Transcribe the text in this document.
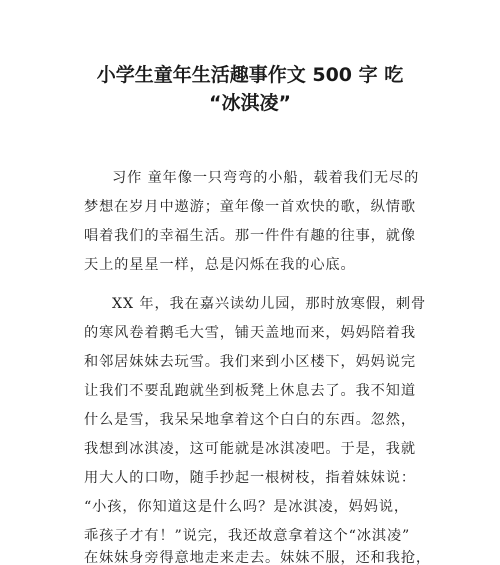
小学生童年生活趣事作文 500 字 吃
“冰淇凌”
习作 童年像一只弯弯的小船，载着我们无尽的
梦想在岁月中遨游；童年像一首欢快的歌，纵情歌
唱着我们的幸福生活。那一件件有趣的往事，就像
天上的星星一样，总是闪烁在我的心底。
XX 年，我在嘉兴读幼儿园，那时放寒假，刺骨
的寒风卷着鹅毛大雪，铺天盖地而来，妈妈陪着我
和邻居妹妹去玩雪。我们来到小区楼下，妈妈说完
让我们不要乱跑就坐到板凳上休息去了。我不知道
什么是雪，我呆呆地拿着这个白白的东西。忽然，
我想到冰淇凌，这可能就是冰淇凌吧。于是，我就
用大人的口吻，随手抄起一根树枝，指着妹妹说：
“小孩，你知道这是什么吗？是冰淇凌，妈妈说，
乖孩子才有！”说完，我还故意拿着这个“冰淇凌”
在妹妹身旁得意地走来走去。妹妹不服，还和我抢，
